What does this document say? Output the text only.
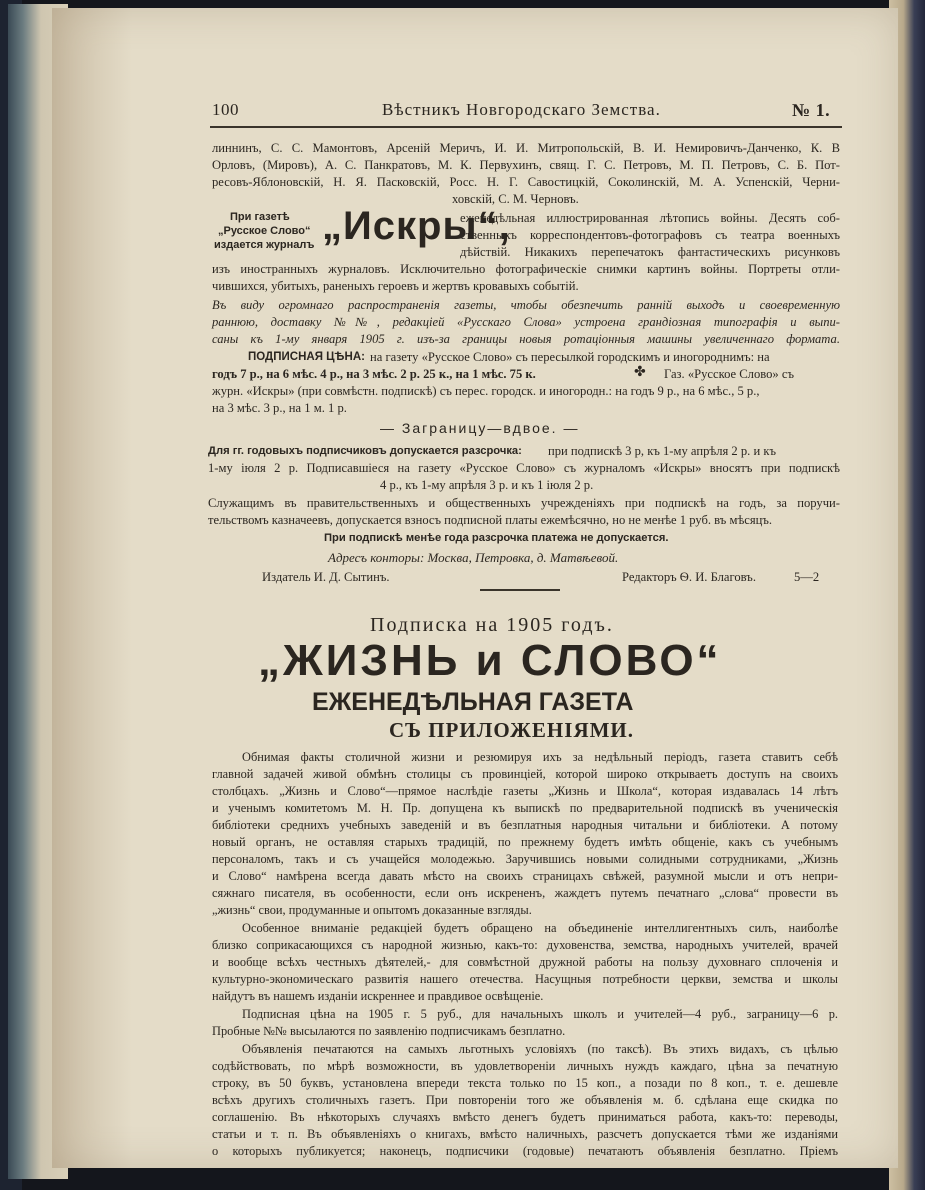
100	Вѣстникъ Новгородскаго Земства.	№ 1.
линнинъ, С. С. Мамонтовъ, Арсеній Меричъ, И. И. Митропольскій, В. И. Немировичъ-Данченко, К. В
Орловъ, (Мировъ), А. С. Панкратовъ, М. К. Первухинъ, свящ. Г. С. Петровъ, М. П. Петровъ, С. Б. Пот-
ресовъ-Яблоновскій, Н. Я. Пасковскій, Росс. Н. Г. Савостицкій, Соколинскій, М. А. Успенскій, Черни-
ховскій, С. М. Черновъ.
При газетѣ
„Русское Слово“
издается журналъ „Искры“,
еженедѣльная иллюстрированная лѣтопись войны. Десять соб-
ственныхъ корреспондентовъ-фотографовъ съ театра военныхъ
дѣйствій. Никакихъ перепечатокъ фантастическихъ рисунковъ
изъ иностранныхъ журналовъ. Исключительно фотографическіе снимки картинъ войны. Портреты отли-
чившихся, убитыхъ, раненыхъ героевъ и жертвъ кровавыхъ событій.
Въ виду огромнаго распространенія газеты, чтобы обезпечить раннiй выходъ и своевременную
раннюю, доставку №№, редакцiей «Русскаго Слова» устроена грандіозная типографія и выпи-
саны къ 1-му января 1905 г. изъ-за границы новыя ротаціонныя машины увеличеннаго формата.
ПОДПИСНАЯ ЦѢНА: на газету «Русское Слово» съ пересылкой городскимъ и иногороднимъ: на
годъ 7 р., на 6 мѣс. 4 р., на 3 мѣс. 2 р. 25 к., на 1 мѣс. 75 к.	✤ Газ. «Русское Слово» съ
журн. «Искры» (при совмѣстн. подпискѣ) съ перес. городск. и иногородн.: на годъ 9 р., на 6 мѣс., 5 р.,
на 3 мѣс. 3 р., на 1 м. 1 р.
— Заграницу—вдвое. —
Для гг. годовыхъ подписчиковъ допускается разсрочка: при подпискѣ 3 р, къ 1-му апрѣля 2 р. и къ
1-му іюля 2 р. Подписавшіеся на газету «Русское Слово» съ журналомъ «Искры» вносятъ при подпискѣ
4 р., къ 1-му апрѣля 3 р. и къ 1 іюля 2 р.
Служащимъ въ правительственныхъ и общественныхъ учрежденіяхъ при подпискѣ на годъ, за поручи-
тельствомъ казначеевъ, допускается взносъ подписной платы ежемѣсячно, но не менѣе 1 руб. въ мѣсяцъ.
При подпискѣ менѣе года разсрочка платежа не допускается.
Адресъ конторы: Москва, Петровка, д. Матвѣевой.
Издатель И. Д. Сытинъ.	Редакторъ Ѳ. И. Благовъ.	5—2
Подписка на 1905 годъ.
„ЖИЗНЬ и СЛОВО“
ЕЖЕНЕДѢЛЬНАЯ ГАЗЕТА
СЪ ПРИЛОЖЕНІЯМИ.
Обнимая факты столичной жизни и резюмируя ихъ за недѣльный періодъ, газета ставитъ себѣ
главной задачей живой обмѣнъ столицы съ провинціей, которой широко открываетъ доступъ на своихъ
столбцахъ. „Жизнь и Слово“—прямое наслѣдіе газеты „Жизнь и Школа“, которая издавалась 14 лѣтъ
и ученымъ комитетомъ М. Н. Пр. допущена къ выпискѣ по предварительной подпискѣ въ ученическія
библіотеки среднихъ учебныхъ заведеній и въ безплатныя народныя читальни и библіотеки. А потому
новый органъ, не оставляя старыхъ традицій, по прежнему будетъ имѣть общеніе, какъ съ учебнымъ
персоналомъ, такъ и съ учащейся молодежью. Заручившись новыми солидными сотрудниками, „Жизнь
и Слово“ намѣрена всегда давать мѣсто на своихъ страницахъ свѣжей, разумной мысли и отъ непри-
сяжнаго писателя, въ особенности, если онъ искрененъ, жаждетъ путемъ печатнаго „слова“ провести въ
„жизнь“ свои, продуманные и опытомъ доказанные взгляды.
Особенное вниманіе редакціей будетъ обращено на объединеніе интеллигентныхъ силъ, наиболѣе
близко соприкасающихся съ народной жизнью, какъ-то: духовенства, земства, народныхъ учителей, врачей
и вообще всѣхъ честныхъ дѣятелей,- для совмѣстной дружной работы на пользу духовнаго сплоченія и
культурно-экономическаго развитія нашего отечества. Насущныя потребности церкви, земства и школы
найдутъ въ нашемъ изданіи искреннее и правдивое освѣщеніе.
Подписная цѣна на 1905 г. 5 руб., для начальныхъ школъ и учителей—4 руб., заграницу—6 р.
Пробные №№ высылаются по заявленію подписчикамъ безплатно.
Объявленія печатаются на самыхъ льготныхъ условіяхъ (по таксѣ). Въ этихъ видахъ, съ цѣлью
содѣйствовать, по мѣрѣ возможности, въ удовлетвореніи личныхъ нуждъ каждаго, цѣна за печатную
строку, въ 50 буквъ, установлена впереди текста только по 15 коп., а позади по 8 коп., т. е. дешевле
всѣхъ другихъ столичныхъ газетъ. При повтореніи того же объявленія м. б. сдѣлана еще скидка по
соглашенію. Въ нѣкоторыхъ случаяхъ вмѣсто денегъ будетъ приниматься работа, какъ-то: переводы,
статьи и т. п. Въ объявленіяхъ о книгахъ, вмѣсто наличныхъ, разсчетъ допускается тѣми же изданіями
о которыхъ публикуется; наконецъ, подписчики (годовые) печатаютъ объявленія безплатно. Пріемъ
